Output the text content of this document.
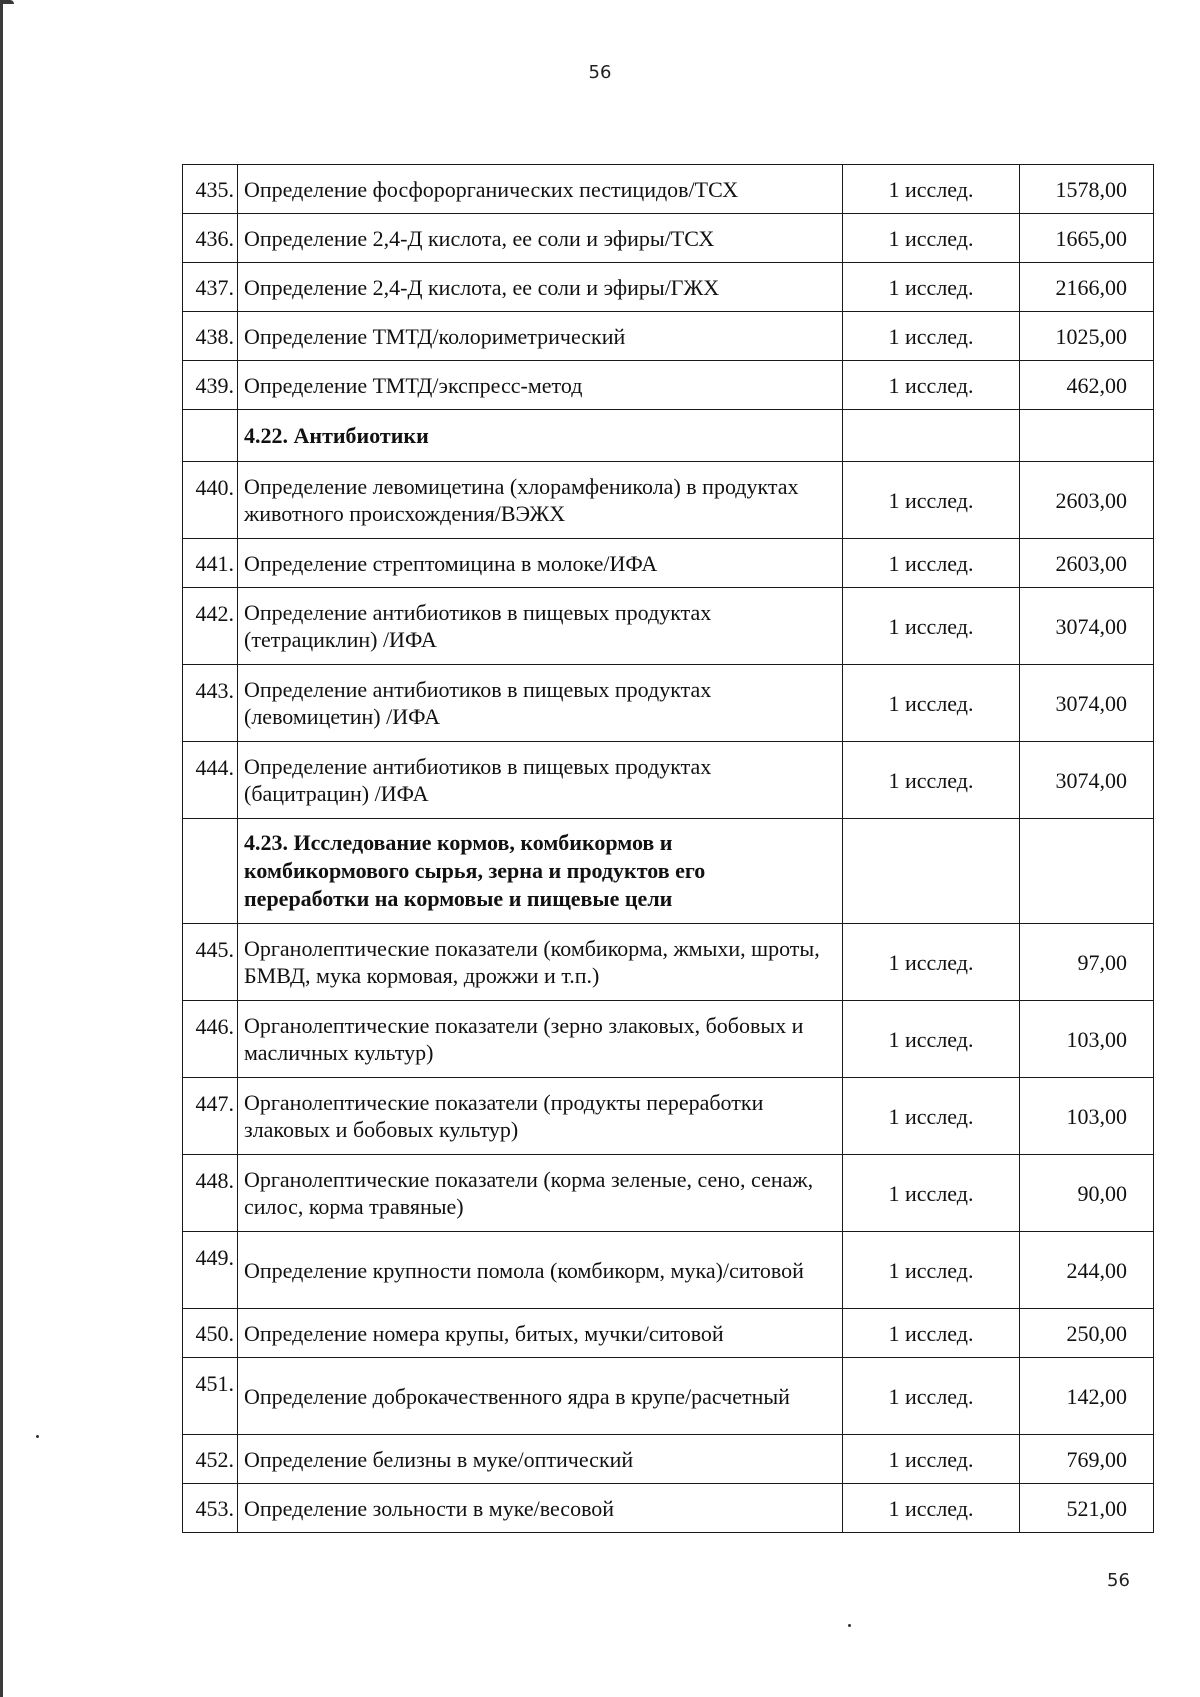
56
435.	Определение фосфорорганических пестицидов/ТСХ	1 исслед.	1578,00
436.	Определение 2,4-Д кислота, ее соли и эфиры/ТСХ	1 исслед.	1665,00
437.	Определение 2,4-Д кислота, ее соли и эфиры/ГЖХ	1 исслед.	2166,00
438.	Определение ТМТД/колориметрический	1 исслед.	1025,00
439.	Определение ТМТД/экспресс-метод	1 исслед.	462,00
	4.22. Антибиотики		
440.	Определение левомицетина (хлорамфеникола) в продуктах животного происхождения/ВЭЖХ	1 исслед.	2603,00
441.	Определение стрептомицина в молоке/ИФА	1 исслед.	2603,00
442.	Определение антибиотиков в пищевых продуктах (тетрациклин) /ИФА	1 исслед.	3074,00
443.	Определение антибиотиков в пищевых продуктах (левомицетин) /ИФА	1 исслед.	3074,00
444.	Определение антибиотиков в пищевых продуктах (бацитрацин) /ИФА	1 исслед.	3074,00
	4.23. Исследование кормов, комбикормов и комбикормового сырья, зерна и продуктов его переработки на кормовые и пищевые цели		
445.	Органолептические показатели (комбикорма, жмыхи, шроты, БМВД, мука кормовая, дрожжи и т.п.)	1 исслед.	97,00
446.	Органолептические показатели (зерно злаковых, бобовых и масличных культур)	1 исслед.	103,00
447.	Органолептические показатели (продукты переработки злаковых и бобовых культур)	1 исслед.	103,00
448.	Органолептические показатели (корма зеленые, сено, сенаж, силос, корма травяные)	1 исслед.	90,00
449.	Определение крупности помола (комбикорм, мука)/ситовой	1 исслед.	244,00
450.	Определение номера крупы, битых, мучки/ситовой	1 исслед.	250,00
451.	Определение доброкачественного ядра в крупе/расчетный	1 исслед.	142,00
452.	Определение белизны в муке/оптический	1 исслед.	769,00
453.	Определение зольности в муке/весовой	1 исслед.	521,00
56
